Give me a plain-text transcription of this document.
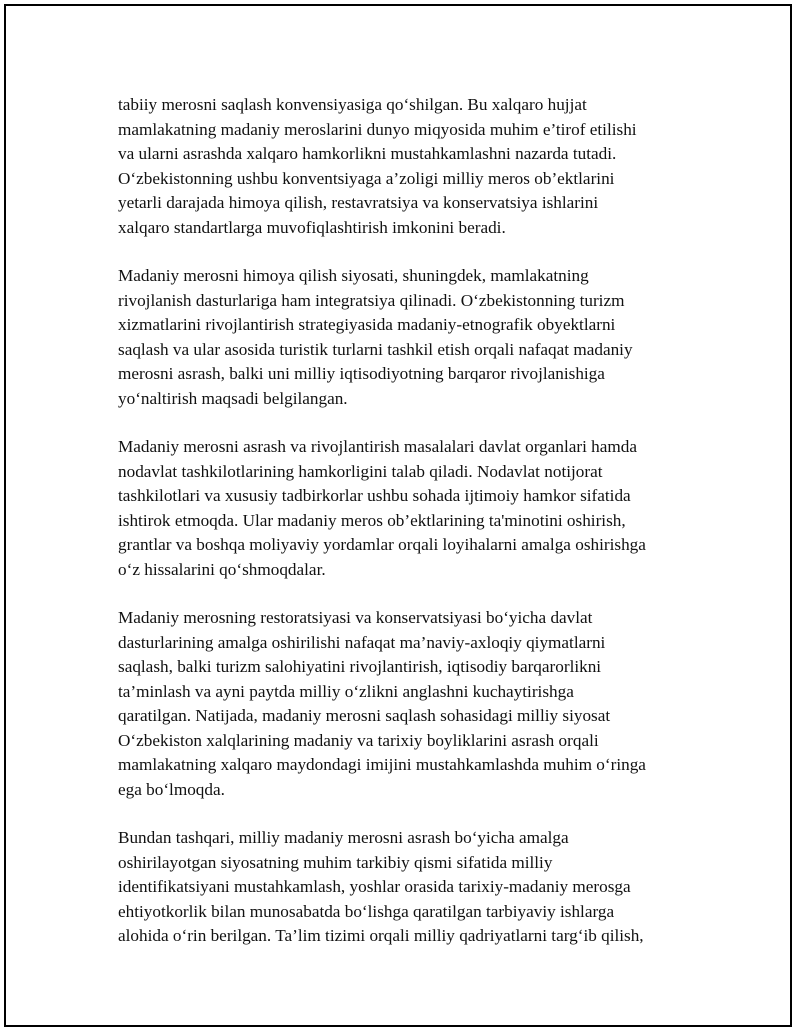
tabiiy merosni saqlash konvensiyasiga qo‘shilgan. Bu xalqaro hujjat
mamlakatning madaniy meroslarini dunyo miqyosida muhim e’tirof etilishi
va ularni asrashda xalqaro hamkorlikni mustahkamlashni nazarda tutadi.
O‘zbekistonning ushbu konventsiyaga a’zoligi milliy meros ob’ektlarini
yetarli darajada himoya qilish, restavratsiya va konservatsiya ishlarini
xalqaro standartlarga muvofiqlashtirish imkonini beradi.

Madaniy merosni himoya qilish siyosati, shuningdek, mamlakatning
rivojlanish dasturlariga ham integratsiya qilinadi. O‘zbekistonning turizm
xizmatlarini rivojlantirish strategiyasida madaniy-etnografik obyektlarni
saqlash va ular asosida turistik turlarni tashkil etish orqali nafaqat madaniy
merosni asrash, balki uni milliy iqtisodiyotning barqaror rivojlanishiga
yo‘naltirish maqsadi belgilangan.

Madaniy merosni asrash va rivojlantirish masalalari davlat organlari hamda
nodavlat tashkilotlarining hamkorligini talab qiladi. Nodavlat notijorat
tashkilotlari va xususiy tadbirkorlar ushbu sohada ijtimoiy hamkor sifatida
ishtirok etmoqda. Ular madaniy meros ob’ektlarining ta'minotini oshirish,
grantlar va boshqa moliyaviy yordamlar orqali loyihalarni amalga oshirishga
o‘z hissalarini qo‘shmoqdalar.

Madaniy merosning restoratsiyasi va konservatsiyasi bo‘yicha davlat
dasturlarining amalga oshirilishi nafaqat ma’naviy-axloqiy qiymatlarni
saqlash, balki turizm salohiyatini rivojlantirish, iqtisodiy barqarorlikni
ta’minlash va ayni paytda milliy o‘zlikni anglashni kuchaytirishga
qaratilgan. Natijada, madaniy merosni saqlash sohasidagi milliy siyosat
O‘zbekiston xalqlarining madaniy va tarixiy boyliklarini asrash orqali
mamlakatning xalqaro maydondagi imijini mustahkamlashda muhim o‘ringa
ega bo‘lmoqda.

Bundan tashqari, milliy madaniy merosni asrash bo‘yicha amalga
oshirilayotgan siyosatning muhim tarkibiy qismi sifatida milliy
identifikatsiyani mustahkamlash, yoshlar orasida tarixiy-madaniy merosga
ehtiyotkorlik bilan munosabatda bo‘lishga qaratilgan tarbiyaviy ishlarga
alohida o‘rin berilgan. Ta’lim tizimi orqali milliy qadriyatlarni targ‘ib qilish,
